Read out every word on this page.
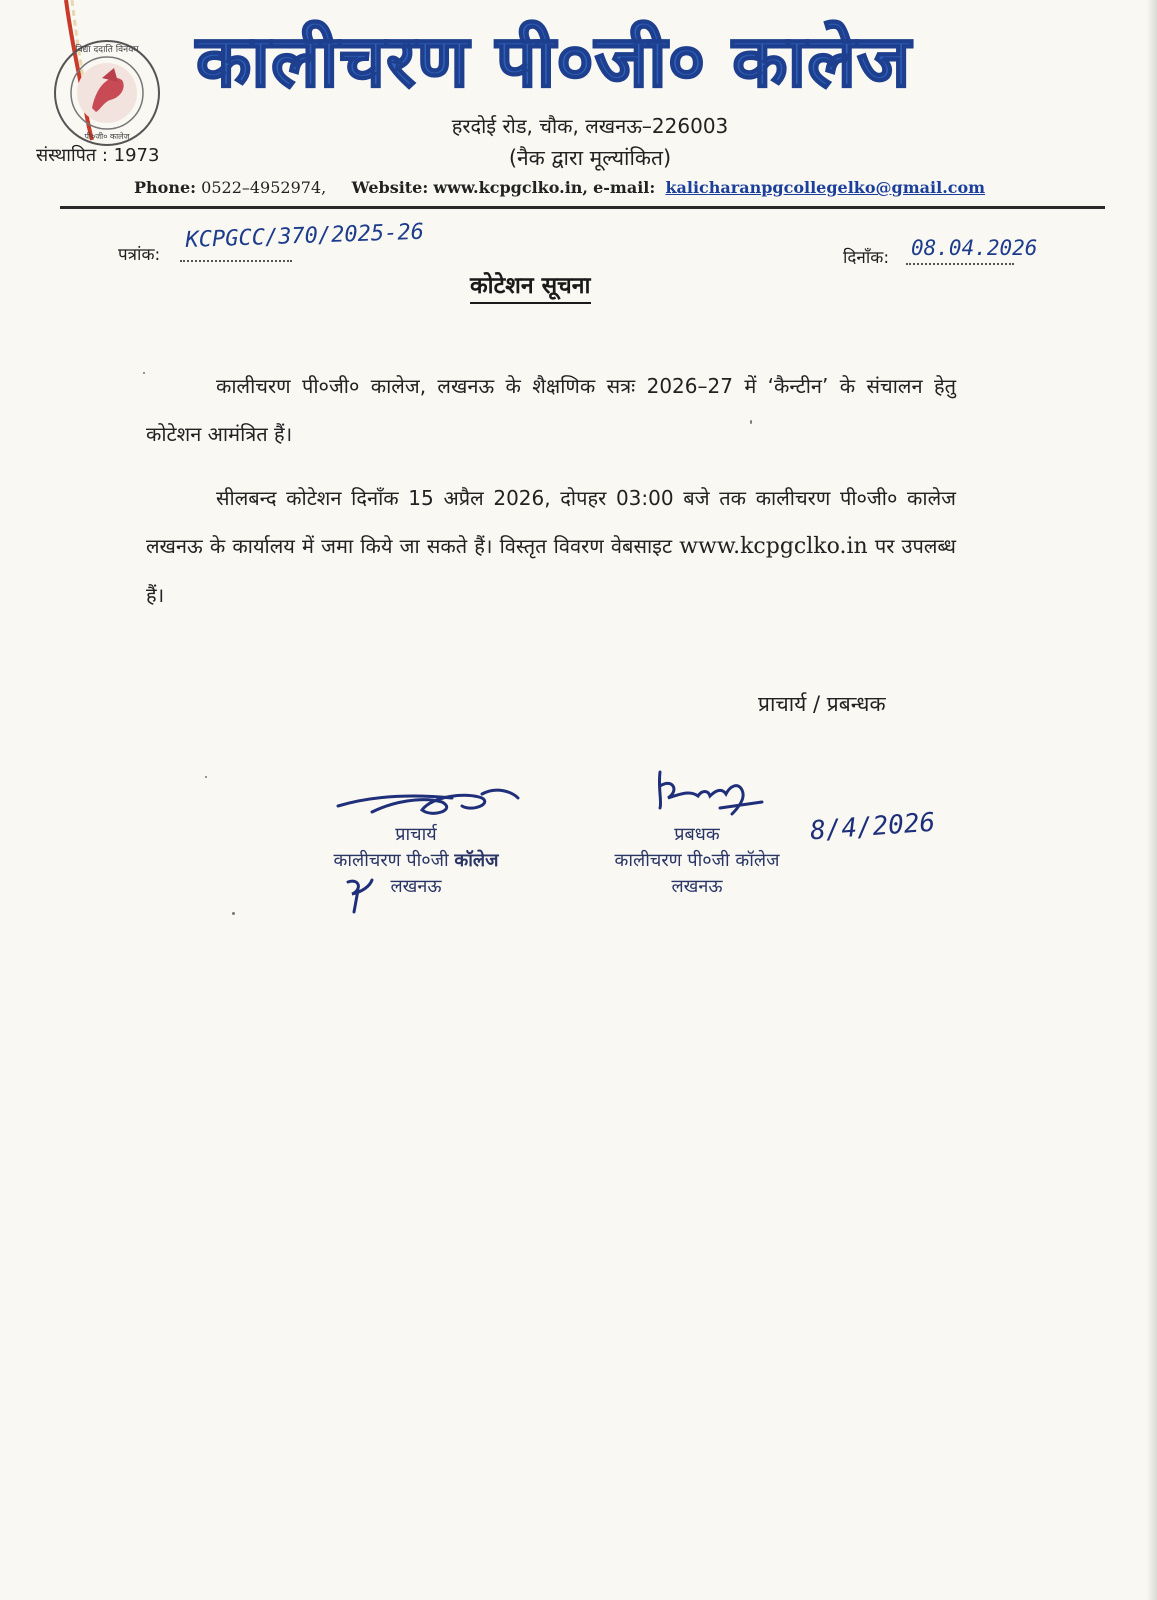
विद्या ददाति विनयम
पी०जी० कालेज
कालीचरण पी०जी० कालेज
हरदोई रोड, चौक, लखनऊ–226003
(नैक द्वारा मूल्यांकित)
संस्थापित : 1973
Phone: 0522–4952974, Website: www.kcpgclko.in, e-mail: kalicharanpgcollegelko@gmail.com
पत्रांक:
KCPGCC/370/2025-26
दिनाँक: 08.04.2026
कोटेशन सूचना
कालीचरण पी०जी० कालेज, लखनऊ के शैक्षणिक सत्रः 2026–27 में ‘कैन्टीन’ के संचालन हेतु कोटेशन आमंत्रित हैं।
सीलबन्द कोटेशन दिनाँक 15 अप्रैल 2026, दोपहर 03:00 बजे तक कालीचरण पी०जी० कालेज लखनऊ के कार्यालय में जमा किये जा सकते हैं। विस्तृत विवरण वेबसाइट www.kcpgclko.in पर उपलब्ध हैं।
प्राचार्य / प्रबन्धक
8/4/2026
प्राचार्य
कालीचरण पी०जी कॉलेज
लखनऊ
प्रबधक
कालीचरण पी०जी कॉलेज
लखनऊ
